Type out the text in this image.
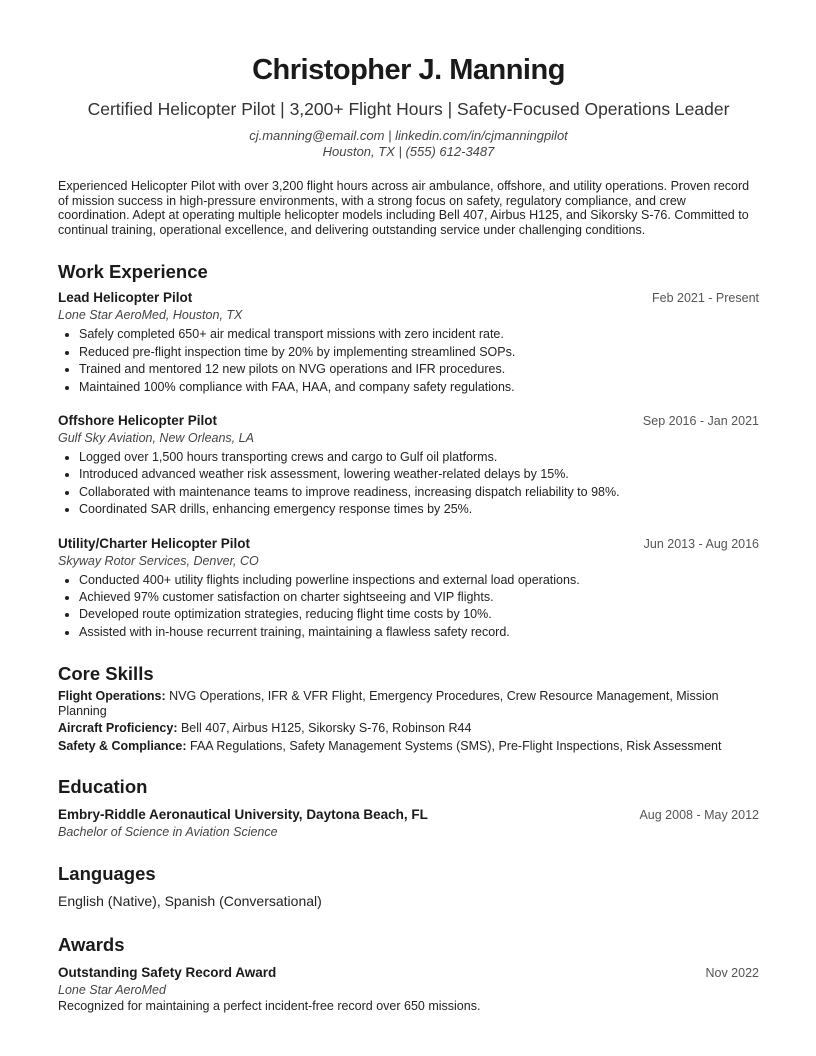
Christopher J. Manning
Certified Helicopter Pilot | 3,200+ Flight Hours | Safety-Focused Operations Leader
cj.manning@email.com | linkedin.com/in/cjmanningpilot
Houston, TX | (555) 612-3487
Experienced Helicopter Pilot with over 3,200 flight hours across air ambulance, offshore, and utility operations. Proven record of mission success in high-pressure environments, with a strong focus on safety, regulatory compliance, and crew coordination. Adept at operating multiple helicopter models including Bell 407, Airbus H125, and Sikorsky S-76. Committed to continual training, operational excellence, and delivering outstanding service under challenging conditions.
Work Experience
Lead Helicopter Pilot	Feb 2021 - Present
Lone Star AeroMed, Houston, TX
• Safely completed 650+ air medical transport missions with zero incident rate.
• Reduced pre-flight inspection time by 20% by implementing streamlined SOPs.
• Trained and mentored 12 new pilots on NVG operations and IFR procedures.
• Maintained 100% compliance with FAA, HAA, and company safety regulations.
Offshore Helicopter Pilot	Sep 2016 - Jan 2021
Gulf Sky Aviation, New Orleans, LA
• Logged over 1,500 hours transporting crews and cargo to Gulf oil platforms.
• Introduced advanced weather risk assessment, lowering weather-related delays by 15%.
• Collaborated with maintenance teams to improve readiness, increasing dispatch reliability to 98%.
• Coordinated SAR drills, enhancing emergency response times by 25%.
Utility/Charter Helicopter Pilot	Jun 2013 - Aug 2016
Skyway Rotor Services, Denver, CO
• Conducted 400+ utility flights including powerline inspections and external load operations.
• Achieved 97% customer satisfaction on charter sightseeing and VIP flights.
• Developed route optimization strategies, reducing flight time costs by 10%.
• Assisted with in-house recurrent training, maintaining a flawless safety record.
Core Skills
Flight Operations: NVG Operations, IFR & VFR Flight, Emergency Procedures, Crew Resource Management, Mission Planning
Aircraft Proficiency: Bell 407, Airbus H125, Sikorsky S-76, Robinson R44
Safety & Compliance: FAA Regulations, Safety Management Systems (SMS), Pre-Flight Inspections, Risk Assessment
Education
Embry-Riddle Aeronautical University, Daytona Beach, FL	Aug 2008 - May 2012
Bachelor of Science in Aviation Science
Languages
English (Native), Spanish (Conversational)
Awards
Outstanding Safety Record Award	Nov 2022
Lone Star AeroMed
Recognized for maintaining a perfect incident-free record over 650 missions.
